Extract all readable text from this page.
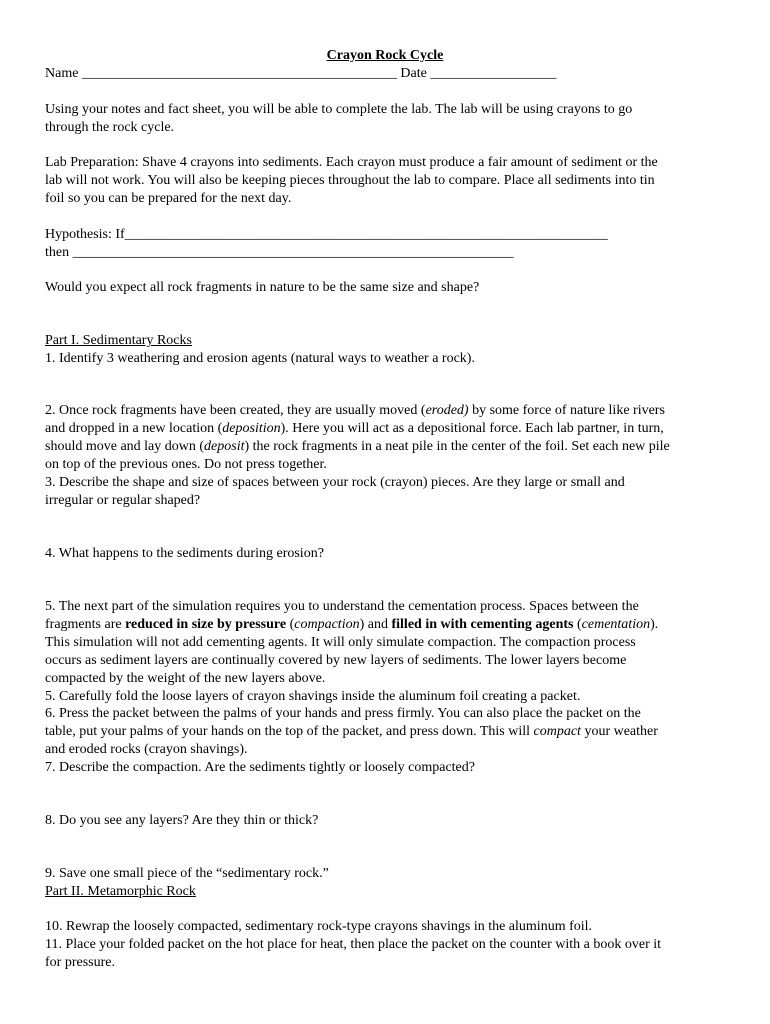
Crayon Rock Cycle
Name _____________________________________________ Date __________________
Using your notes and fact sheet, you will be able to complete the lab. The lab will be using crayons to go
through the rock cycle.
Lab Preparation: Shave 4 crayons into sediments. Each crayon must produce a fair amount of sediment or the
lab will not work. You will also be keeping pieces throughout the lab to compare. Place all sediments into tin
foil so you can be prepared for the next day.
Hypothesis: If_____________________________________________________________________
then _______________________________________________________________
Would you expect all rock fragments in nature to be the same size and shape?
Part I. Sedimentary Rocks
1. Identify 3 weathering and erosion agents (natural ways to weather a rock).
2. Once rock fragments have been created, they are usually moved (eroded) by some force of nature like rivers
and dropped in a new location (deposition). Here you will act as a depositional force. Each lab partner, in turn,
should move and lay down (deposit) the rock fragments in a neat pile in the center of the foil. Set each new pile
on top of the previous ones. Do not press together.
3. Describe the shape and size of spaces between your rock (crayon) pieces. Are they large or small and
irregular or regular shaped?
4. What happens to the sediments during erosion?
5. The next part of the simulation requires you to understand the cementation process. Spaces between the
fragments are reduced in size by pressure (compaction) and filled in with cementing agents (cementation).
This simulation will not add cementing agents. It will only simulate compaction. The compaction process
occurs as sediment layers are continually covered by new layers of sediments. The lower layers become
compacted by the weight of the new layers above.
5. Carefully fold the loose layers of crayon shavings inside the aluminum foil creating a packet.
6. Press the packet between the palms of your hands and press firmly. You can also place the packet on the
table, put your palms of your hands on the top of the packet, and press down. This will compact your weather
and eroded rocks (crayon shavings).
7. Describe the compaction. Are the sediments tightly or loosely compacted?
8. Do you see any layers? Are they thin or thick?
9. Save one small piece of the “sedimentary rock.”
Part II. Metamorphic Rock
10. Rewrap the loosely compacted, sedimentary rock-type crayons shavings in the aluminum foil.
11. Place your folded packet on the hot place for heat, then place the packet on the counter with a book over it
for pressure.
